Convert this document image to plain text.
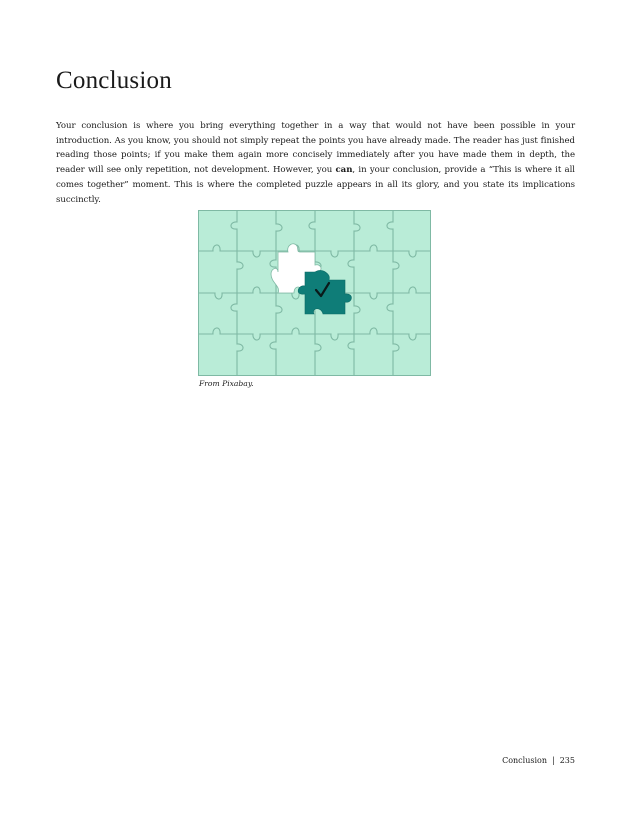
Conclusion

Your conclusion is where you bring everything together in a way that would not have been possible in your introduction. As you know, you should not simply repeat the points you have already made. The reader has just finished reading those points; if you make them again more concisely immediately after you have made them in depth, the reader will see only repetition, not development. However, you can, in your conclusion, provide a “This is where it all comes together” moment. This is where the completed puzzle appears in all its glory, and you state its implications succinctly.

From Pixabay.

Conclusion | 235
